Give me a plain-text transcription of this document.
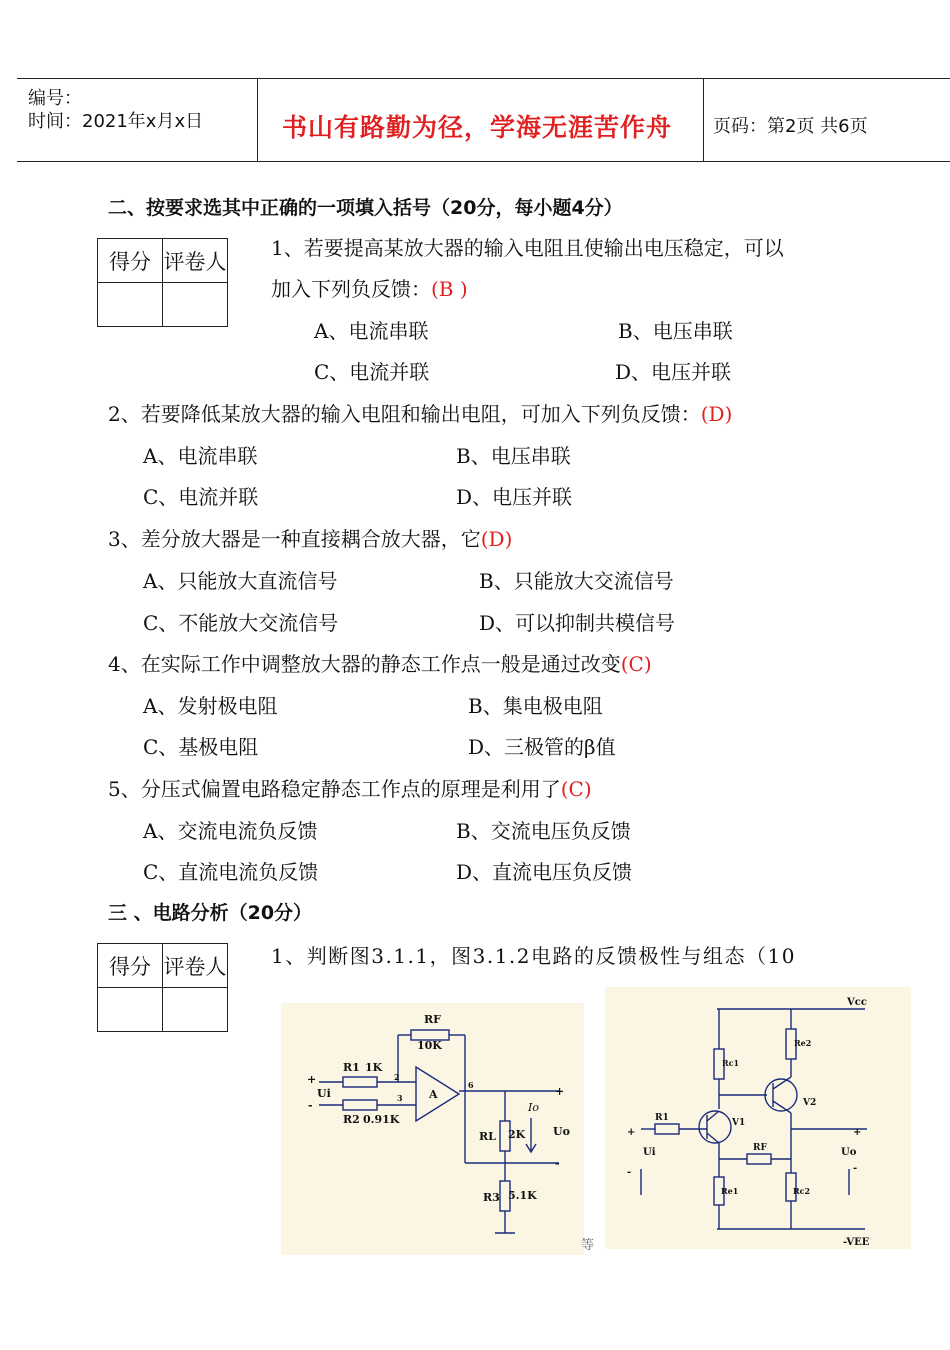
编号：
时间：2021年x月x日	书山有路勤为径，学海无涯苦作舟 页码：第2页 共6页
二、按要求选其中正确的一项填入括号（20分，每小题4分）
得分	评卷人

1、若要提高某放大器的输入电阻且使输出电压稳定，可以
加入下列负反馈：(B )
A、电流串联	B、电压串联
C、电流并联	D、电压并联
2、若要降低某放大器的输入电阻和输出电阻，可加入下列负反馈：(D)
A、电流串联	B、电压串联
C、电流并联	D、电压并联
3、差分放大器是一种直接耦合放大器，它(D)
A、只能放大直流信号	B、只能放大交流信号
C、不能放大交流信号	D、可以抑制共模信号
4、在实际工作中调整放大器的静态工作点一般是通过改变(C)
A、发射极电阻	B、集电极电阻
C、基极电阻	D、三极管的β值
5、分压式偏置电路稳定静态工作点的原理是利用了(C)
A、交流电流负反馈	B、交流电压负反馈
C、直流电流负反馈	D、直流电压负反馈
三 、电路分析（20分）
得分	评卷人
	1、判断图3.1.1，图3.1.2电路的反馈极性与组态（10
RF
10K
R1 1K
R2 0.91K
A
+
Ui
-
2
3
6
RL 2K
R3 5.1K
Io
Uo
+
-
等
Vcc
-VEE
Rc1
Re2
V1
V2
R1
RF
Re1	Rc2
Ui	Uo
+
-
+
-
